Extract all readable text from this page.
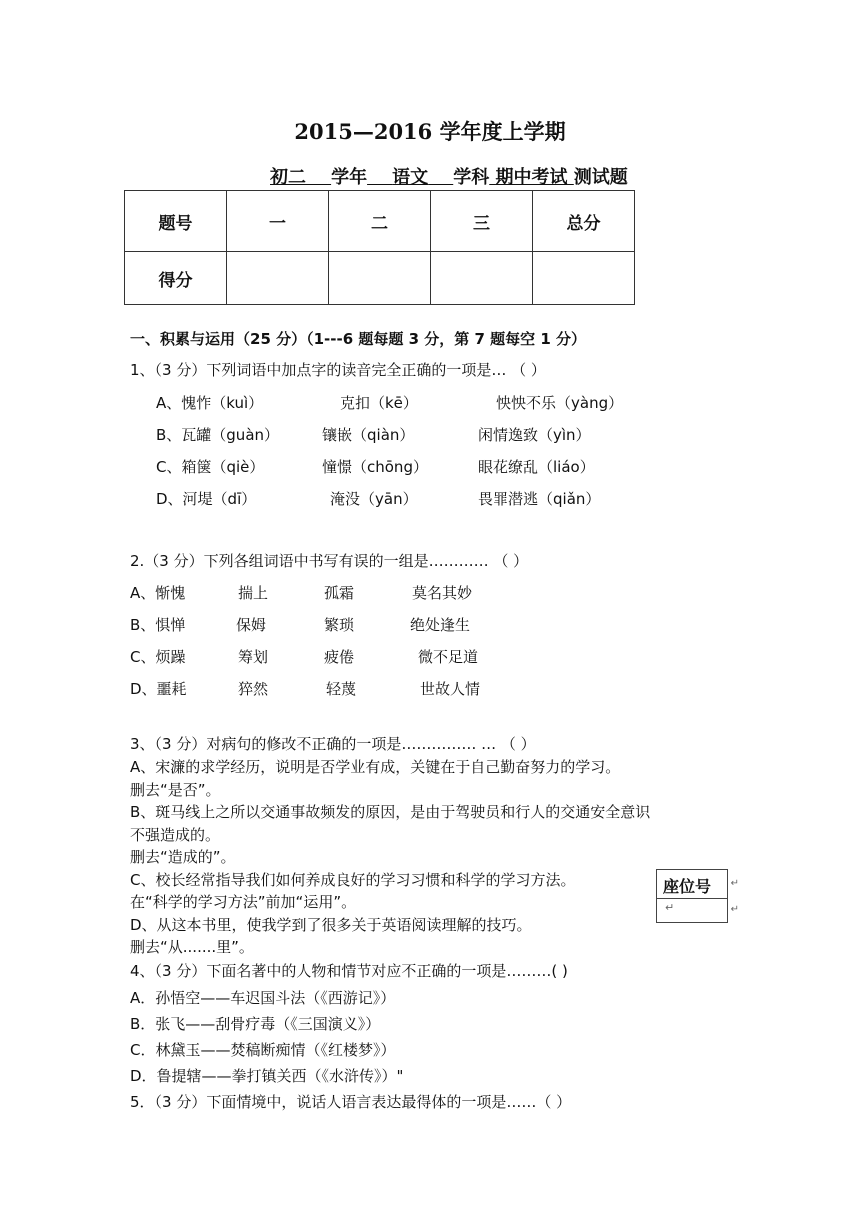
2015—2016 学年度上学期
初二 学年 语文 学科 期中考试 测试题
题号	一	二	三	总分
得分				
一、积累与运用（25 分）（1---6 题每题 3 分，第 7 题每空 1 分）
1、（3 分）下列词语中加点字的读音完全正确的一项是… （ ）
A、愧怍（kuì）	克扣（kē）	怏怏不乐（yàng）
B、瓦罐（guàn）	镶嵌（qiàn）	闲情逸致（yìn）
C、箱箧（qiè）	憧憬（chōng）	眼花缭乱（liáo）
D、河堤（dī）	淹没（yān）	畏罪潜逃（qiǎn）
2.（3 分）下列各组词语中书写有误的一组是………… （ ）
A、惭愧	揣上	孤霜	莫名其妙
B、惧惮	保姆	繁琐	绝处逢生
C、烦躁	筹划	疲倦	微不足道
D、噩耗	猝然	轻蔑	世故人情
3、（3 分）对病句的修改不正确的一项是…………… … （ ）
A、宋濂的求学经历，说明是否学业有成，关键在于自己勤奋努力的学习。
删去“是否”。
B、斑马线上之所以交通事故频发的原因，是由于驾驶员和行人的交通安全意识
不强造成的。
删去“造成的”。
C、校长经常指导我们如何养成良好的学习习惯和科学的学习方法。
在“科学的学习方法”前加“运用”。
D、从这本书里，使我学到了很多关于英语阅读理解的技巧。
删去“从.......里”。
座位号
↵
↵
↵
4、（3 分）下面名著中的人物和情节对应不正确的一项是………( )
A．孙悟空——车迟国斗法（《西游记》）
B．张飞——刮骨疗毒（《三国演义》）
C．林黛玉——焚稿断痴情（《红楼梦》）
D．鲁提辖——拳打镇关西（《水浒传》）"
5．（3 分）下面情境中，说话人语言表达最得体的一项是……（ ）
